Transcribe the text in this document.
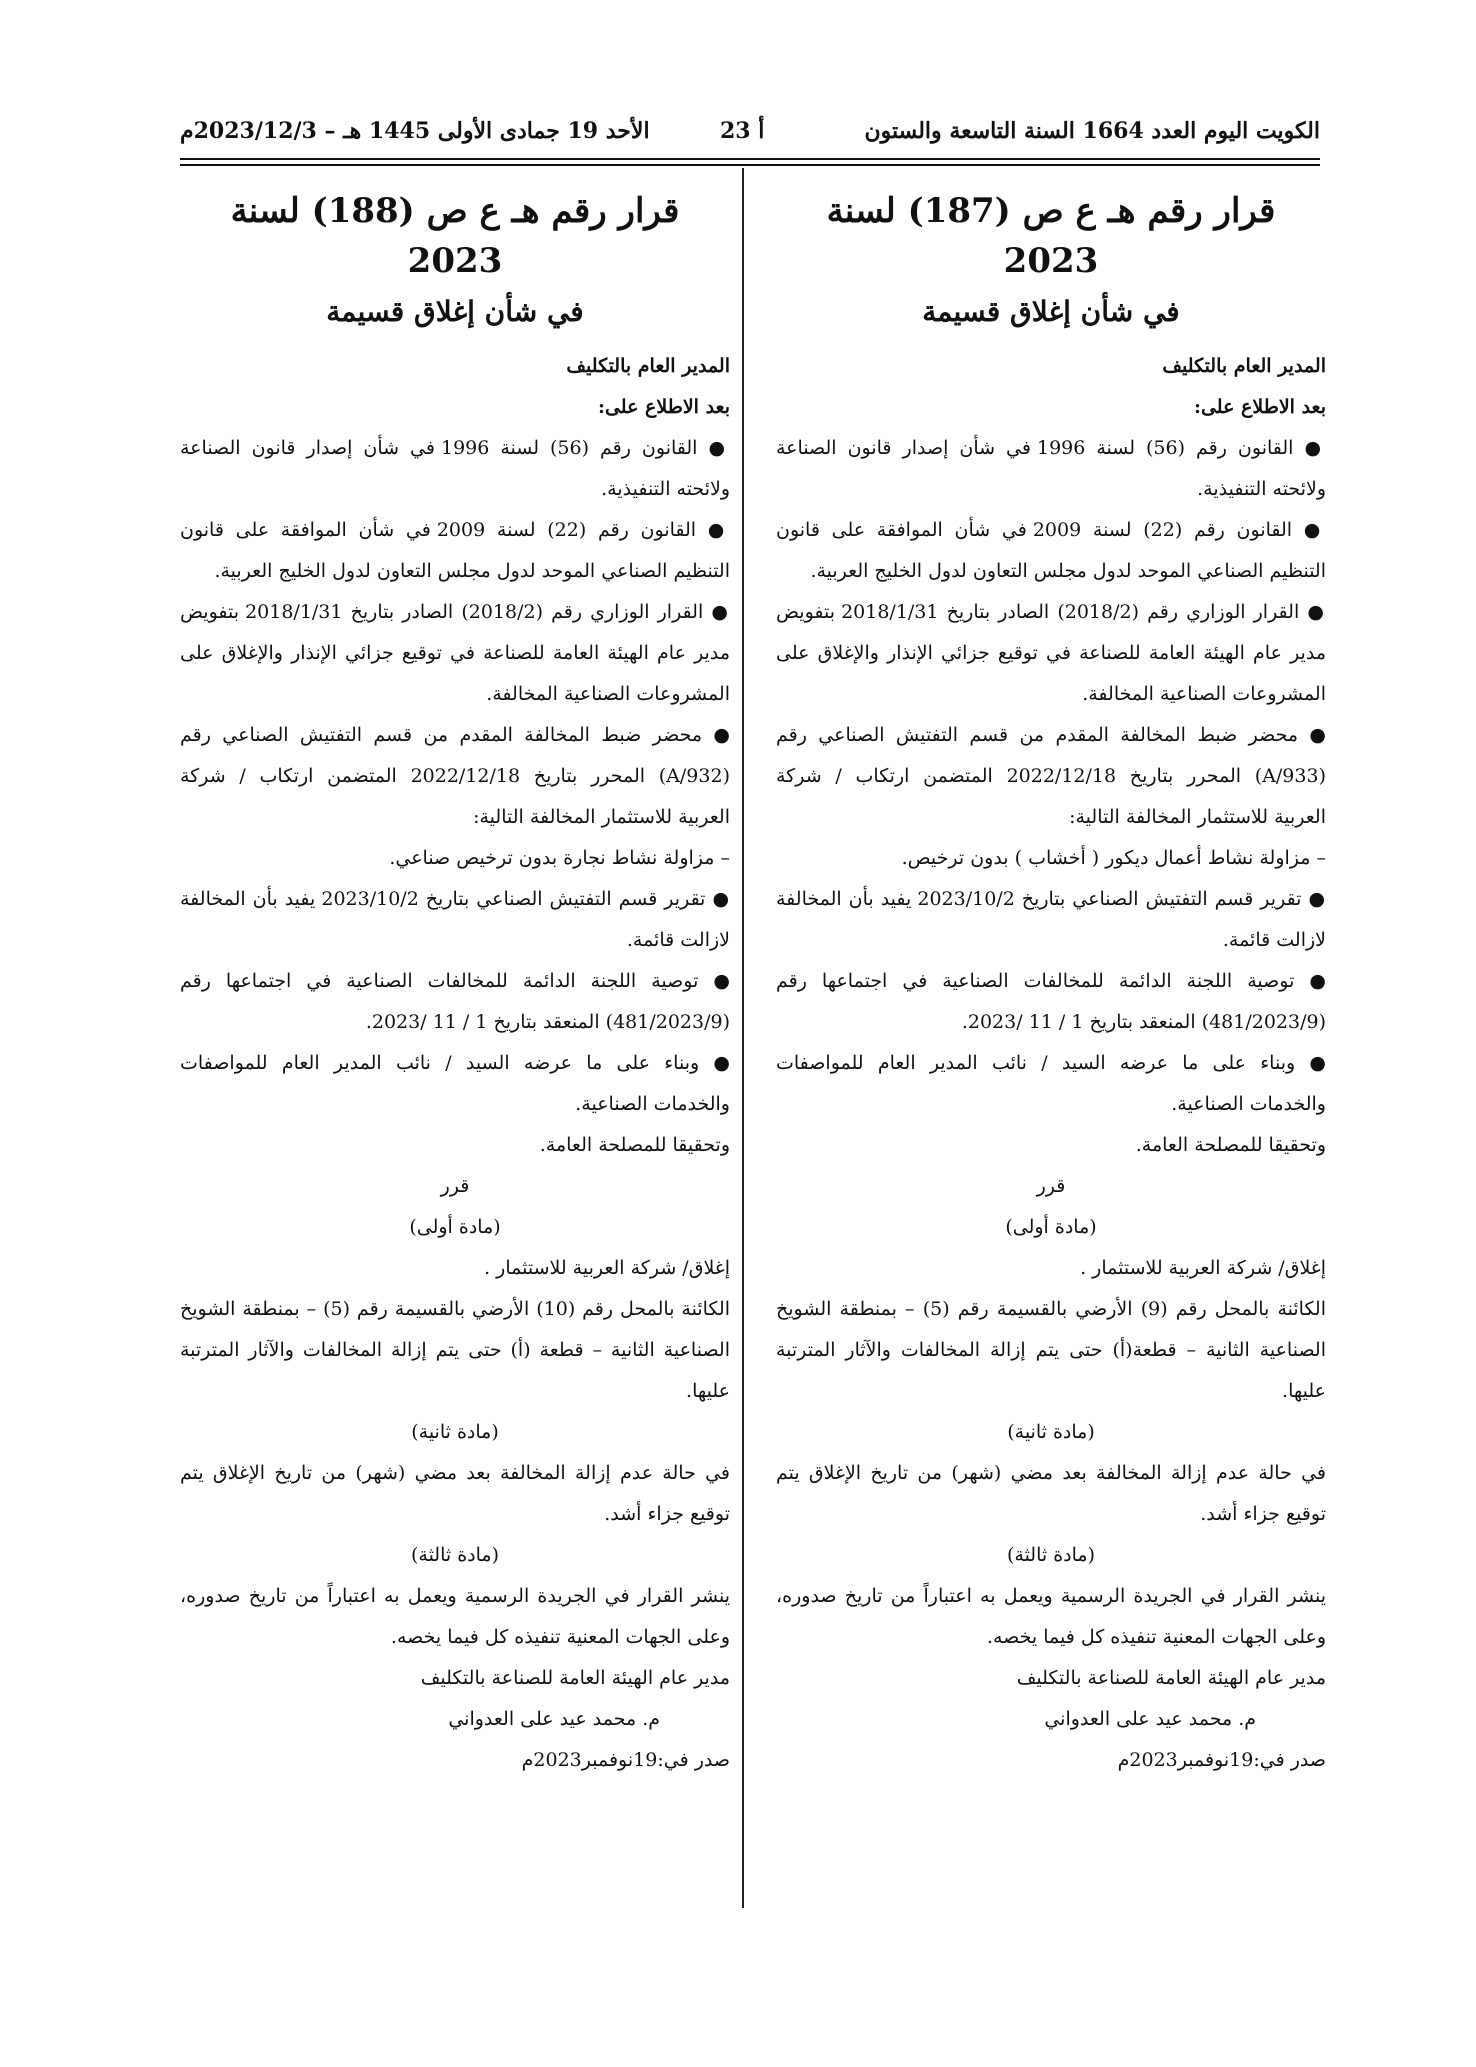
الكويت اليوم العدد 1664 السنة التاسعة والستون
أ 23
الأحد 19 جمادى الأولى 1445 هـ – 2023/12/3م
قرار رقم هـ ع ص (187) لسنة 2023
في شأن إغلاق قسيمة

المدير العام بالتكليف

بعد الاطلاع على:

● القانون رقم (56) لسنة 1996 في شأن إصدار قانون الصناعة ولائحته التنفيذية.

● القانون رقم (22) لسنة 2009 في شأن الموافقة على قانون التنظيم الصناعي الموحد لدول مجلس التعاون لدول الخليج العربية.

● القرار الوزاري رقم (2018/2) الصادر بتاريخ 2018/1/31 بتفويض مدير عام الهيئة العامة للصناعة في توقيع جزائي الإنذار والإغلاق على المشروعات الصناعية المخالفة.

● محضر ضبط المخالفة المقدم من قسم التفتيش الصناعي رقم (A/933) المحرر بتاريخ 2022/12/18 المتضمن ارتكاب / شركة العربية للاستثمار المخالفة التالية:

– مزاولة نشاط أعمال ديكور ( أخشاب ) بدون ترخيص.

● تقرير قسم التفتيش الصناعي بتاريخ 2023/10/2 يفيد بأن المخالفة لازالت قائمة.

● توصية اللجنة الدائمة للمخالفات الصناعية في اجتماعها رقم (481/2023/9) المنعقد بتاريخ 1 / 11 /2023.

● وبناء على ما عرضه السيد / نائب المدير العام للمواصفات والخدمات الصناعية.

وتحقيقا للمصلحة العامة.

قرر

(مادة أولى)

إغلاق/ شركة العربية للاستثمار .

الكائنة بالمحل رقم (9) الأرضي بالقسيمة رقم (5) – بمنطقة الشويخ الصناعية الثانية – قطعة(أ) حتى يتم إزالة المخالفات والآثار المترتبة عليها.

(مادة ثانية)

في حالة عدم إزالة المخالفة بعد مضي (شهر) من تاريخ الإغلاق يتم توقيع جزاء أشد.

(مادة ثالثة)

ينشر القرار في الجريدة الرسمية ويعمل به اعتباراً من تاريخ صدوره، وعلى الجهات المعنية تنفيذه كل فيما يخصه.

مدير عام الهيئة العامة للصناعة بالتكليف

م. محمد عيد على العدواني

صدر في:19نوفمبر2023م

قرار رقم هـ ع ص (188) لسنة 2023
في شأن إغلاق قسيمة

المدير العام بالتكليف

بعد الاطلاع على:

● القانون رقم (56) لسنة 1996 في شأن إصدار قانون الصناعة ولائحته التنفيذية.

● القانون رقم (22) لسنة 2009 في شأن الموافقة على قانون التنظيم الصناعي الموحد لدول مجلس التعاون لدول الخليج العربية.

● القرار الوزاري رقم (2018/2) الصادر بتاريخ 2018/1/31 بتفويض مدير عام الهيئة العامة للصناعة في توقيع جزائي الإنذار والإغلاق على المشروعات الصناعية المخالفة.

● محضر ضبط المخالفة المقدم من قسم التفتيش الصناعي رقم (A/932) المحرر بتاريخ 2022/12/18 المتضمن ارتكاب / شركة العربية للاستثمار المخالفة التالية:

– مزاولة نشاط نجارة بدون ترخيص صناعي.

● تقرير قسم التفتيش الصناعي بتاريخ 2023/10/2 يفيد بأن المخالفة لازالت قائمة.

● توصية اللجنة الدائمة للمخالفات الصناعية في اجتماعها رقم (481/2023/9) المنعقد بتاريخ 1 / 11 /2023.

● وبناء على ما عرضه السيد / نائب المدير العام للمواصفات والخدمات الصناعية.

وتحقيقا للمصلحة العامة.

قرر

(مادة أولى)

إغلاق/ شركة العربية للاستثمار .

الكائنة بالمحل رقم (10) الأرضي بالقسيمة رقم (5) – بمنطقة الشويخ الصناعية الثانية – قطعة (أ) حتى يتم إزالة المخالفات والآثار المترتبة عليها.

(مادة ثانية)

في حالة عدم إزالة المخالفة بعد مضي (شهر) من تاريخ الإغلاق يتم توقيع جزاء أشد.

(مادة ثالثة)

ينشر القرار في الجريدة الرسمية ويعمل به اعتباراً من تاريخ صدوره، وعلى الجهات المعنية تنفيذه كل فيما يخصه.

مدير عام الهيئة العامة للصناعة بالتكليف

م. محمد عيد على العدواني

صدر في:19نوفمبر2023م
